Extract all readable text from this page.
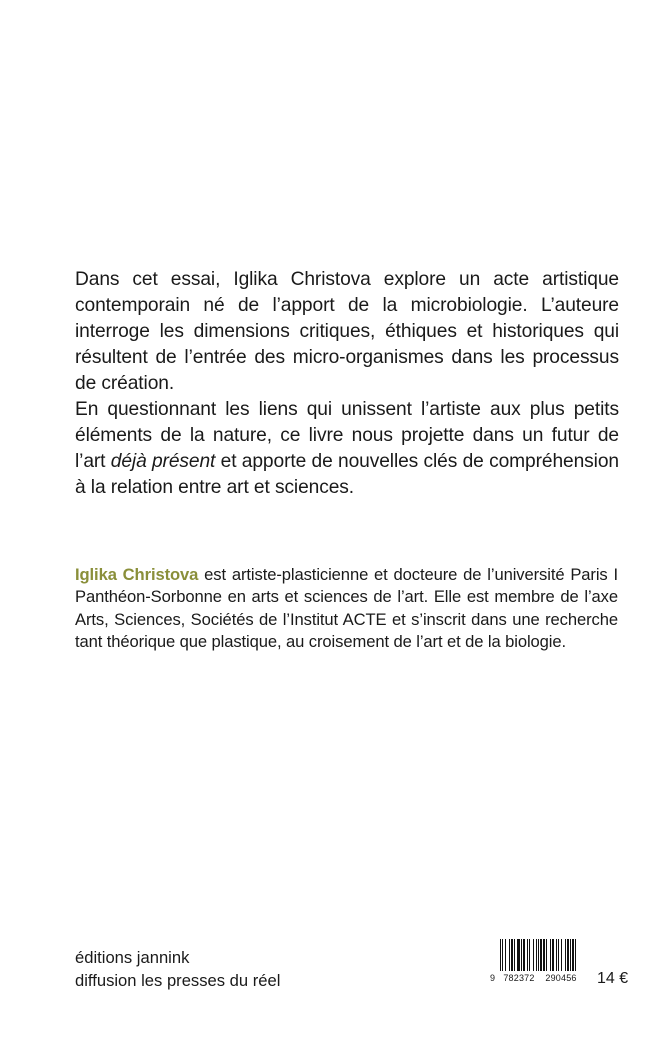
Dans cet essai, Iglika Christova explore un acte artistique contemporain né de l’apport de la microbiologie. L’auteure interroge les dimensions critiques, éthiques et historiques qui résultent de l’entrée des micro-organismes dans les processus de création.

En questionnant les liens qui unissent l’artiste aux plus petits éléments de la nature, ce livre nous projette dans un futur de l’art déjà présent et apporte de nouvelles clés de compréhension à la relation entre art et sciences.

Iglika Christova est artiste-plasticienne et docteure de l’université Paris I Panthéon-Sorbonne en arts et sciences de l’art. Elle est membre de l’axe Arts, Sciences, Sociétés de l’Institut ACTE et s’inscrit dans une recherche tant théorique que plastique, au croisement de l’art et de la biologie.

éditions jannink
diffusion les presses du réel	9 782372 290456	14 €
